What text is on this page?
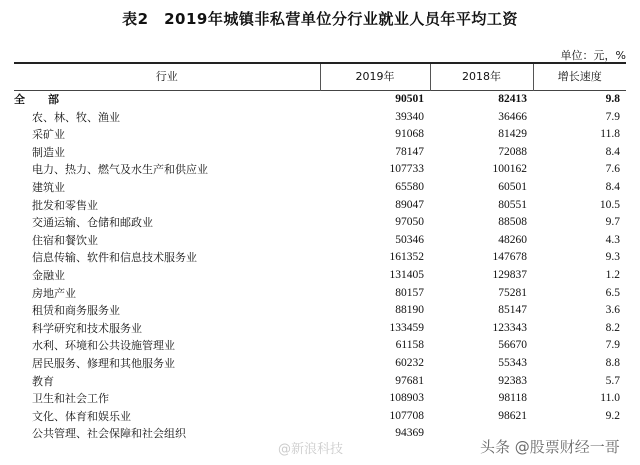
表2　2019年城镇非私营单位分行业就业人员年平均工资
单位：元，%
行业	2019年	2018年	增长速度
全　部	90501	82413	9.8
农、林、牧、渔业	39340	36466	7.9
采矿业	91068	81429	11.8
制造业	78147	72088	8.4
电力、热力、燃气及水生产和供应业	107733	100162	7.6
建筑业	65580	60501	8.4
批发和零售业	89047	80551	10.5
交通运输、仓储和邮政业	97050	88508	9.7
住宿和餐饮业	50346	48260	4.3
信息传输、软件和信息技术服务业	161352	147678	9.3
金融业	131405	129837	1.2
房地产业	80157	75281	6.5
租赁和商务服务业	88190	85147	3.6
科学研究和技术服务业	133459	123343	8.2
水利、环境和公共设施管理业	61158	56670	7.9
居民服务、修理和其他服务业	60232	55343	8.8
教育	97681	92383	5.7
卫生和社会工作	108903	98118	11.0
文化、体育和娱乐业	107708	98621	9.2
公共管理、社会保障和社会组织	94369		
@新浪科技	头条 @股票财经一哥
